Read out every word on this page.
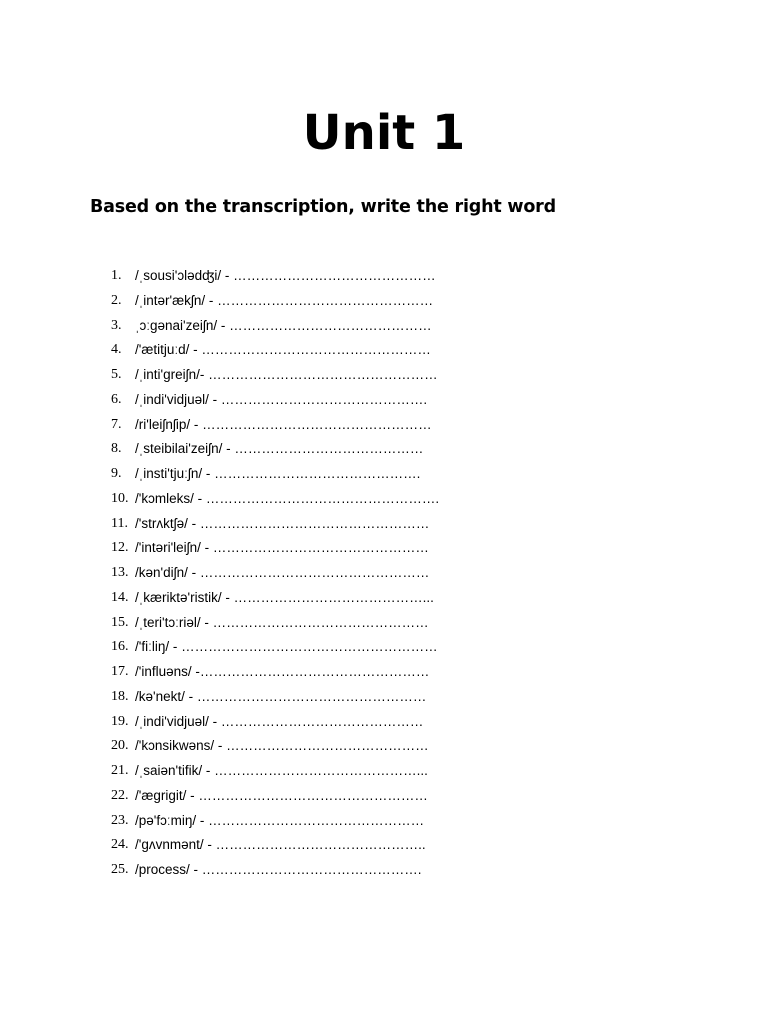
Unit 1

Based on the transcription, write the right word

1. /ˌsousi'ɔlədʤi/ - ………………………………………
2. /ˌintər'ækʃn/ - …………………………………………
3. ˌɔːgənai'zeiʃn/ - ………………………………………
4. /'ætitjuːd/ - ……………………………………………
5. /ˌinti'greiʃn/- ……………………………………………
6. /ˌindi'vidjuəl/ - ……………………………………….
7. /ri'leiʃnʃip/ - ……………………………………………
8. /ˌsteibilai'zeiʃn/ - ……………………………………
9. /ˌinsti'tjuːʃn/ - ……………………………………….
10. /'kɔmleks/ - …………………………………………….
11. /'strʌktʃə/ - ……………………………………………
12. /'intəri'leiʃn/ - …………………………………………
13. /kən'diʃn/ - ……………………………………………
14. /ˌkæriktə'ristik/ - ……………………………………...
15. /ˌteri'tɔːriəl/ - …………………………………………
16. /'fiːliŋ/ - …………………………………………………
17. /'influəns/ -……………………………………………
18. /kə'nekt/ - ……………………………………………
19. /ˌindi'vidjuəl/ - ………………………………………
20. /'kɔnsikwəns/ - ………………………………………
21. /ˌsaiən'tifik/ - ………………………………………...
22. /'ægrigit/ - ……………………………………………
23. /pə'fɔːmiŋ/ - …………………………………………
24. /'gʌvnmənt/ - ………………………………………..
25. /process/ - ………………………………………….
